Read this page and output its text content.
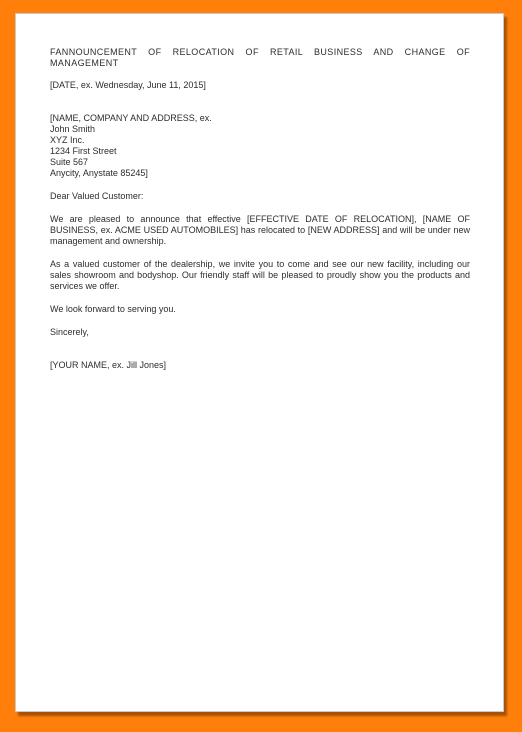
FANNOUNCEMENT OF RELOCATION OF RETAIL BUSINESS AND CHANGE OF MANAGEMENT

[DATE, ex. Wednesday, June 11, 2015]

[NAME, COMPANY AND ADDRESS, ex.
John Smith
XYZ Inc.
1234 First Street
Suite 567
Anycity, Anystate 85245]

Dear Valued Customer:

We are pleased to announce that effective [EFFECTIVE DATE OF RELOCATION], [NAME OF BUSINESS, ex. ACME USED AUTOMOBILES] has relocated to [NEW ADDRESS] and will be under new management and ownership.

As a valued customer of the dealership, we invite you to come and see our new facility, including our sales showroom and bodyshop. Our friendly staff will be pleased to proudly show you the products and services we offer.

We look forward to serving you.

Sincerely,

[YOUR NAME, ex. Jill Jones]
